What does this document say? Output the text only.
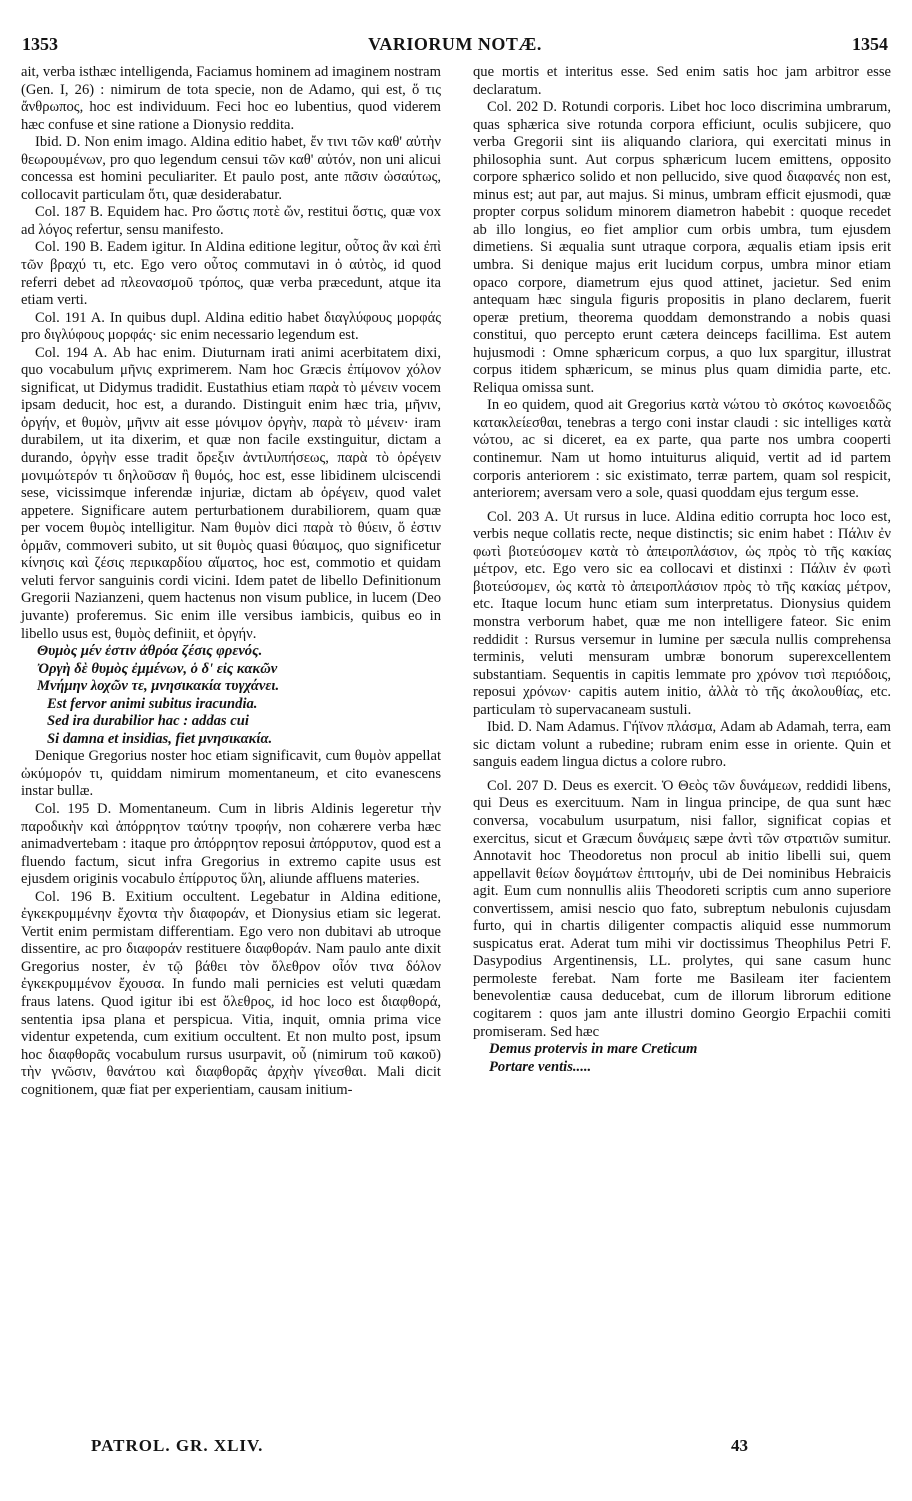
1353	VARIORUM NOTÆ.	1354

ait, verba isthæc intelligenda, Faciamus hominem ad imaginem nostram (Gen. I, 26) : nimirum de tota specie, non de Adamo, qui est, ὅ τις ἄνθρωπος, hoc est individuum. Feci hoc eo lubentius, quod viderem hæc confuse et sine ratione a Dionysio reddita.

Ibid. D. Non enim imago. Aldina editio habet, ἔν τινι τῶν καθ' αὐτὴν θεωρουμένων, pro quo legendum censui τῶν καθ' αὐτόν, non uni alicui concessa est homini peculiariter. Et paulo post, ante πᾶσιν ὡσαύτως, collocavit particulam ὅτι, quæ desiderabatur.

Col. 187 B. Equidem hac. Pro ὥστις ποτὲ ὤν, restitui ὅστις, quæ vox ad λόγος refertur, sensu manifesto.

Col. 190 B. Eadem igitur. In Aldina editione legitur, οὗτος ἂν καὶ ἐπὶ τῶν βραχύ τι, etc. Ego vero οὗτος commutavi in ὁ αὐτὸς, id quod referri debet ad πλεονασμοῦ τρόπος, quæ verba præcedunt, atque ita etiam verti.

Col. 191 A. In quibus dupl. Aldina editio habet διαγλύφους μορφάς pro διγλύφους μορφάς· sic enim necessario legendum est.

Col. 194 A. Ab hac enim. Diuturnam irati animi acerbitatem dixi, quo vocabulum μῆνις exprimerem. Nam hoc Græcis ἐπίμονον χόλον significat, ut Didymus tradidit. Eustathius etiam παρὰ τὸ μένειν vocem ipsam deducit, hoc est, a durando. Distinguit enim hæc tria, μῆνιν, ὀργήν, et θυμὸν, μῆνιν ait esse μόνιμον ὀργὴν, παρὰ τὸ μένειν· iram durabilem, ut ita dixerim, et quæ non facile exstinguitur, dictam a durando, ὀργὴν esse tradit ὄρεξιν ἀντιλυπήσεως, παρὰ τὸ ὀρέγειν μονιμώτερόν τι δηλοῦσαν ἢ θυμός, hoc est, esse libidinem ulciscendi sese, vicissimque inferendæ injuriæ, dictam ab ὀρέγειν, quod valet appetere. Significare autem perturbationem durabiliorem, quam quæ per vocem θυμὸς intelligitur. Nam θυμὸν dici παρὰ τὸ θύειν, ὅ ἐστιν ὁρμᾶν, commoveri subito, ut sit θυμὸς quasi θύαιμος, quo significetur κίνησις καὶ ζέσις περικαρδίου αἵματος, hoc est, commotio et quidam veluti fervor sanguinis cordi vicini. Idem patet de libello Definitionum Gregorii Nazianzeni, quem hactenus non visum publice, in lucem (Deo juvante) proferemus. Sic enim ille versibus iambicis, quibus eo in libello usus est, θυμὸς definiit, et ὀργήν.

Θυμὸς μέν ἐστιν ἀθρόα ζέσις φρενός.
Ὀργὴ δὲ θυμὸς ἐμμένων, ὁ δ' εἰς κακῶν
Μνήμην λοχῶν τε, μνησικακία τυγχάνει.
Est fervor animi subitus iracundia.
Sed ira durabilior hac : addas cui
Si damna et insidias, fiet μνησικακία.

Denique Gregorius noster hoc etiam significavit, cum θυμὸν appellat ὠκύμορόν τι, quiddam nimirum momentaneum, et cito evanescens instar bullæ.

Col. 195 D. Momentaneum. Cum in libris Aldinis legeretur τὴν παροδικὴν καὶ ἀπόρρητον ταύτην τροφήν, non cohærere verba hæc animadvertebam : itaque pro ἀπόρρητον reposui ἀπόρρυτον, quod est a fluendo factum, sicut infra Gregorius in extremo capite usus est ejusdem originis vocabulo ἐπίρρυτος ὕλη, aliunde affluens materies.

Col. 196 B. Exitium occultent. Legebatur in Aldina editione, ἐγκεκρυμμένην ἔχοντα τὴν διαφοράν, et Dionysius etiam sic legerat. Vertit enim permistam differentiam. Ego vero non dubitavi ab utroque dissentire, ac pro διαφοράν restituere διαφθοράν. Nam paulo ante dixit Gregorius noster, ἐν τῷ βάθει τὸν ὄλεθρον οἷόν τινα δόλον ἐγκεκρυμμένον ἔχουσα. In fundo mali pernicies est veluti quædam fraus latens. Quod igitur ibi est ὄλεθρος, id hoc loco est διαφθορά, sententia ipsa plana et perspicua. Vitia, inquit, omnia prima vice videntur expetenda, cum exitium occultent. Et non multo post, ipsum hoc διαφθορᾶς vocabulum rursus usurpavit, οὗ (nimirum τοῦ κακοῦ) τὴν γνῶσιν, θανάτου καὶ διαφθορᾶς ἀρχὴν γίνεσθαι. Mali dicit cognitionem, quæ fiat per experientiam, causam initium-

que mortis et interitus esse. Sed enim satis hoc jam arbitror esse declaratum.

Col. 202 D. Rotundi corporis. Libet hoc loco discrimina umbrarum, quas sphærica sive rotunda corpora efficiunt, oculis subjicere, quo verba Gregorii sint iis aliquando clariora, qui exercitati minus in philosophia sunt. Aut corpus sphæricum lucem emittens, opposito corpore sphærico solido et non pellucido, sive quod διαφανές non est, minus est; aut par, aut majus. Si minus, umbram efficit ejusmodi, quæ propter corpus solidum minorem diametron habebit : quoque recedet ab illo longius, eo fiet amplior cum orbis umbra, tum ejusdem dimetiens. Si æqualia sunt utraque corpora, æqualis etiam ipsis erit umbra. Si denique majus erit lucidum corpus, umbra minor etiam opaco corpore, diametrum ejus quod attinet, jacietur. Sed enim antequam hæc singula figuris propositis in plano declarem, fuerit operæ pretium, theorema quoddam demonstrando a nobis quasi constitui, quo percepto erunt cætera deinceps facillima. Est autem hujusmodi : Omne sphæricum corpus, a quo lux spargitur, illustrat corpus itidem sphæricum, se minus plus quam dimidia parte, etc. Reliqua omissa sunt.

In eo quidem, quod ait Gregorius κατὰ νώτου τὸ σκότος κωνοειδῶς κατακλείεσθαι, tenebras a tergo coni instar claudi : sic intelliges κατὰ νώτου, ac si diceret, ea ex parte, qua parte nos umbra cooperti continemur. Nam ut homo intuiturus aliquid, vertit ad id partem corporis anteriorem : sic existimato, terræ partem, quam sol respicit, anteriorem; aversam vero a sole, quasi quoddam ejus tergum esse.

Col. 203 A. Ut rursus in luce. Aldina editio corrupta hoc loco est, verbis neque collatis recte, neque distinctis; sic enim habet : Πάλιν ἐν φωτὶ βιοτεύσομεν κατὰ τὸ ἀπειροπλάσιον, ὡς πρὸς τὸ τῆς κακίας μέτρον, etc. Ego vero sic ea collocavi et distinxi : Πάλιν ἐν φωτὶ βιοτεύσομεν, ὡς κατὰ τὸ ἀπειροπλάσιον πρὸς τὸ τῆς κακίας μέτρον, etc. Itaque locum hunc etiam sum interpretatus. Dionysius quidem monstra verborum habet, quæ me non intelligere fateor. Sic enim reddidit : Rursus versemur in lumine per sæcula nullis comprehensa terminis, veluti mensuram umbræ bonorum superexcellentem substantiam. Sequentis in capitis lemmate pro χρόνον τισὶ περιόδοις, reposui χρόνων· capitis autem initio, ἀλλὰ τὸ τῆς ἀκολουθίας, etc. particulam τὸ supervacaneam sustuli.

Ibid. D. Nam Adamus. Γήϊνον πλάσμα, Adam ab Adamah, terra, eam sic dictam volunt a rubedine; rubram enim esse in oriente. Quin et sanguis eadem lingua dictus a colore rubro.

Col. 207 D. Deus es exercit. Ὁ Θεὸς τῶν δυνάμεων, reddidi libens, qui Deus es exercituum. Nam in lingua principe, de qua sunt hæc conversa, vocabulum usurpatum, nisi fallor, significat copias et exercitus, sicut et Græcum δυνάμεις sæpe ἀντὶ τῶν στρατιῶν sumitur. Annotavit hoc Theodoretus non procul ab initio libelli sui, quem appellavit θείων δογμάτων ἐπιτομήν, ubi de Dei nominibus Hebraicis agit. Eum cum nonnullis aliis Theodoreti scriptis cum anno superiore convertissem, amisi nescio quo fato, subreptum nebulonis cujusdam furto, qui in chartis diligenter compactis aliquid esse nummorum suspicatus erat. Aderat tum mihi vir doctissimus Theophilus Petri F. Dasypodius Argentinensis, LL. prolytes, qui sane casum hunc permoleste ferebat. Nam forte me Basileam iter facientem benevolentiæ causa deducebat, cum de illorum librorum editione cogitarem : quos jam ante illustri domino Georgio Erpachii comiti promiseram. Sed hæc

Demus protervis in mare Creticum
Portare ventis.....
PATROL. GR. XLIV.	43
